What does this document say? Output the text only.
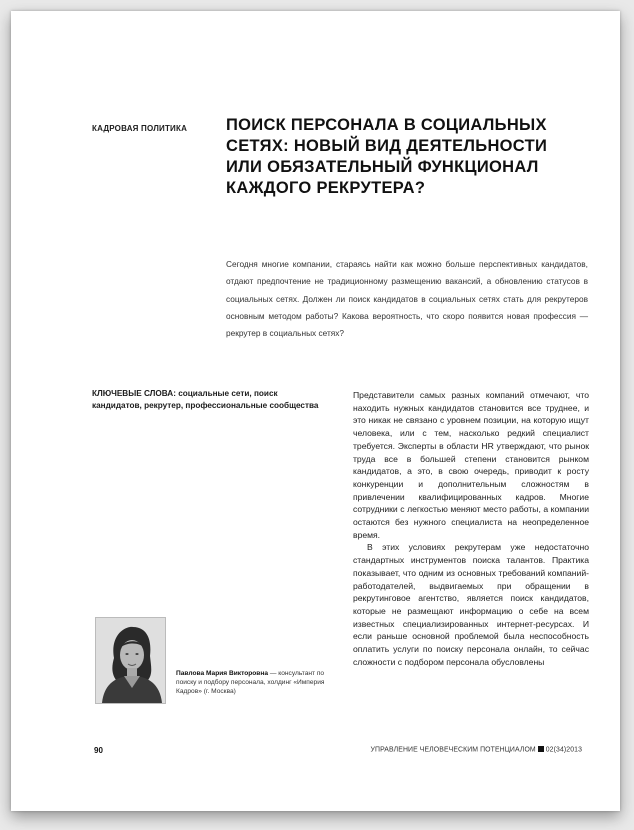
КАДРОВАЯ ПОЛИТИКА ПОИСК ПЕРСОНАЛА В СОЦИАЛЬНЫХ СЕТЯХ: НОВЫЙ ВИД ДЕЯТЕЛЬНОСТИ ИЛИ ОБЯЗАТЕЛЬНЫЙ ФУНКЦИОНАЛ КАЖДОГО РЕКРУТЕРА?
Сегодня многие компании, стараясь найти как можно больше перспективных кандидатов, отдают предпочтение не традиционному размещению вакансий, а обновлению статусов в социальных сетях. Должен ли поиск кандидатов в социальных сетях стать для рекрутеров основным методом работы? Какова вероятность, что скоро появится новая профессия — рекрутер в социальных сетях?
КЛЮЧЕВЫЕ СЛОВА: социальные сети, поиск кандидатов, рекрутер, профессиональные сообщества

Представители самых разных компаний отмечают, что находить нужных кандидатов становится все труднее, и это никак не связано с уровнем позиции, на которую ищут человека, или с тем, насколько редкий специалист требуется. Эксперты в области HR утверждают, что рынок труда все в большей степени становится рынком кандидатов, а это, в свою очередь, приводит к росту конкуренции и дополнительным сложностям в привлечении квалифицированных кадров. Многие сотрудники с легкостью меняют место работы, а компании остаются без нужного специалиста на неопределенное время.

В этих условиях рекрутерам уже недостаточно стандартных инструментов поиска талантов. Практика показывает, что одним из основных требований компаний-работодателей, выдвигаемых при обращении в рекрутинговое агентство, является поиск кандидатов, которые не размещают информацию о себе на всем известных специализированных интернет-ресурсах. И если раньше основной проблемой была неспособность оплатить услуги по поиску персонала онлайн, то сейчас сложности с подбором персонала обусловлены

Павлова Мария Викторовна — консультант по поиску и подбору персонала, холдинг «Империя Кадров» (г. Москва)
90	УПРАВЛЕНИЕ ЧЕЛОВЕЧЕСКИМ ПОТЕНЦИАЛОМ 02(34)2013
